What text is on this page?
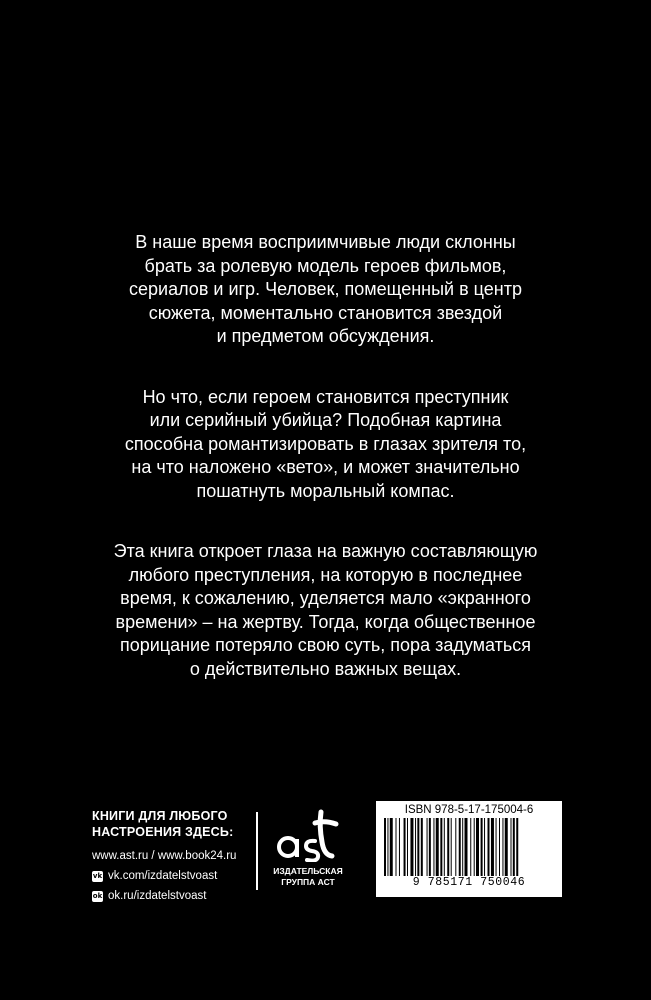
В наше время восприимчивые люди склонны
брать за ролевую модель героев фильмов,
сериалов и игр. Человек, помещенный в центр
сюжета, моментально становится звездой
и предметом обсуждения.

Но что, если героем становится преступник
или серийный убийца? Подобная картина
способна романтизировать в глазах зрителя то,
на что наложено «вето», и может значительно
пошатнуть моральный компас.

Эта книга откроет глаза на важную составляющую
любого преступления, на которую в последнее
время, к сожалению, уделяется мало «экранного
времени» – на жертву. Тогда, когда общественное
порицание потеряло свою суть, пора задуматься
о действительно важных вещах.

КНИГИ ДЛЯ ЛЮБОГО
НАСТРОЕНИЯ ЗДЕСЬ:
www.ast.ru / www.book24.ru
vk vk.com/izdatelstvoast
ok ok.ru/izdatelstvoast
ИЗДАТЕЛЬСКАЯ
ГРУППА АСТ
ISBN 978-5-17-175004-6
9 785171 750046
